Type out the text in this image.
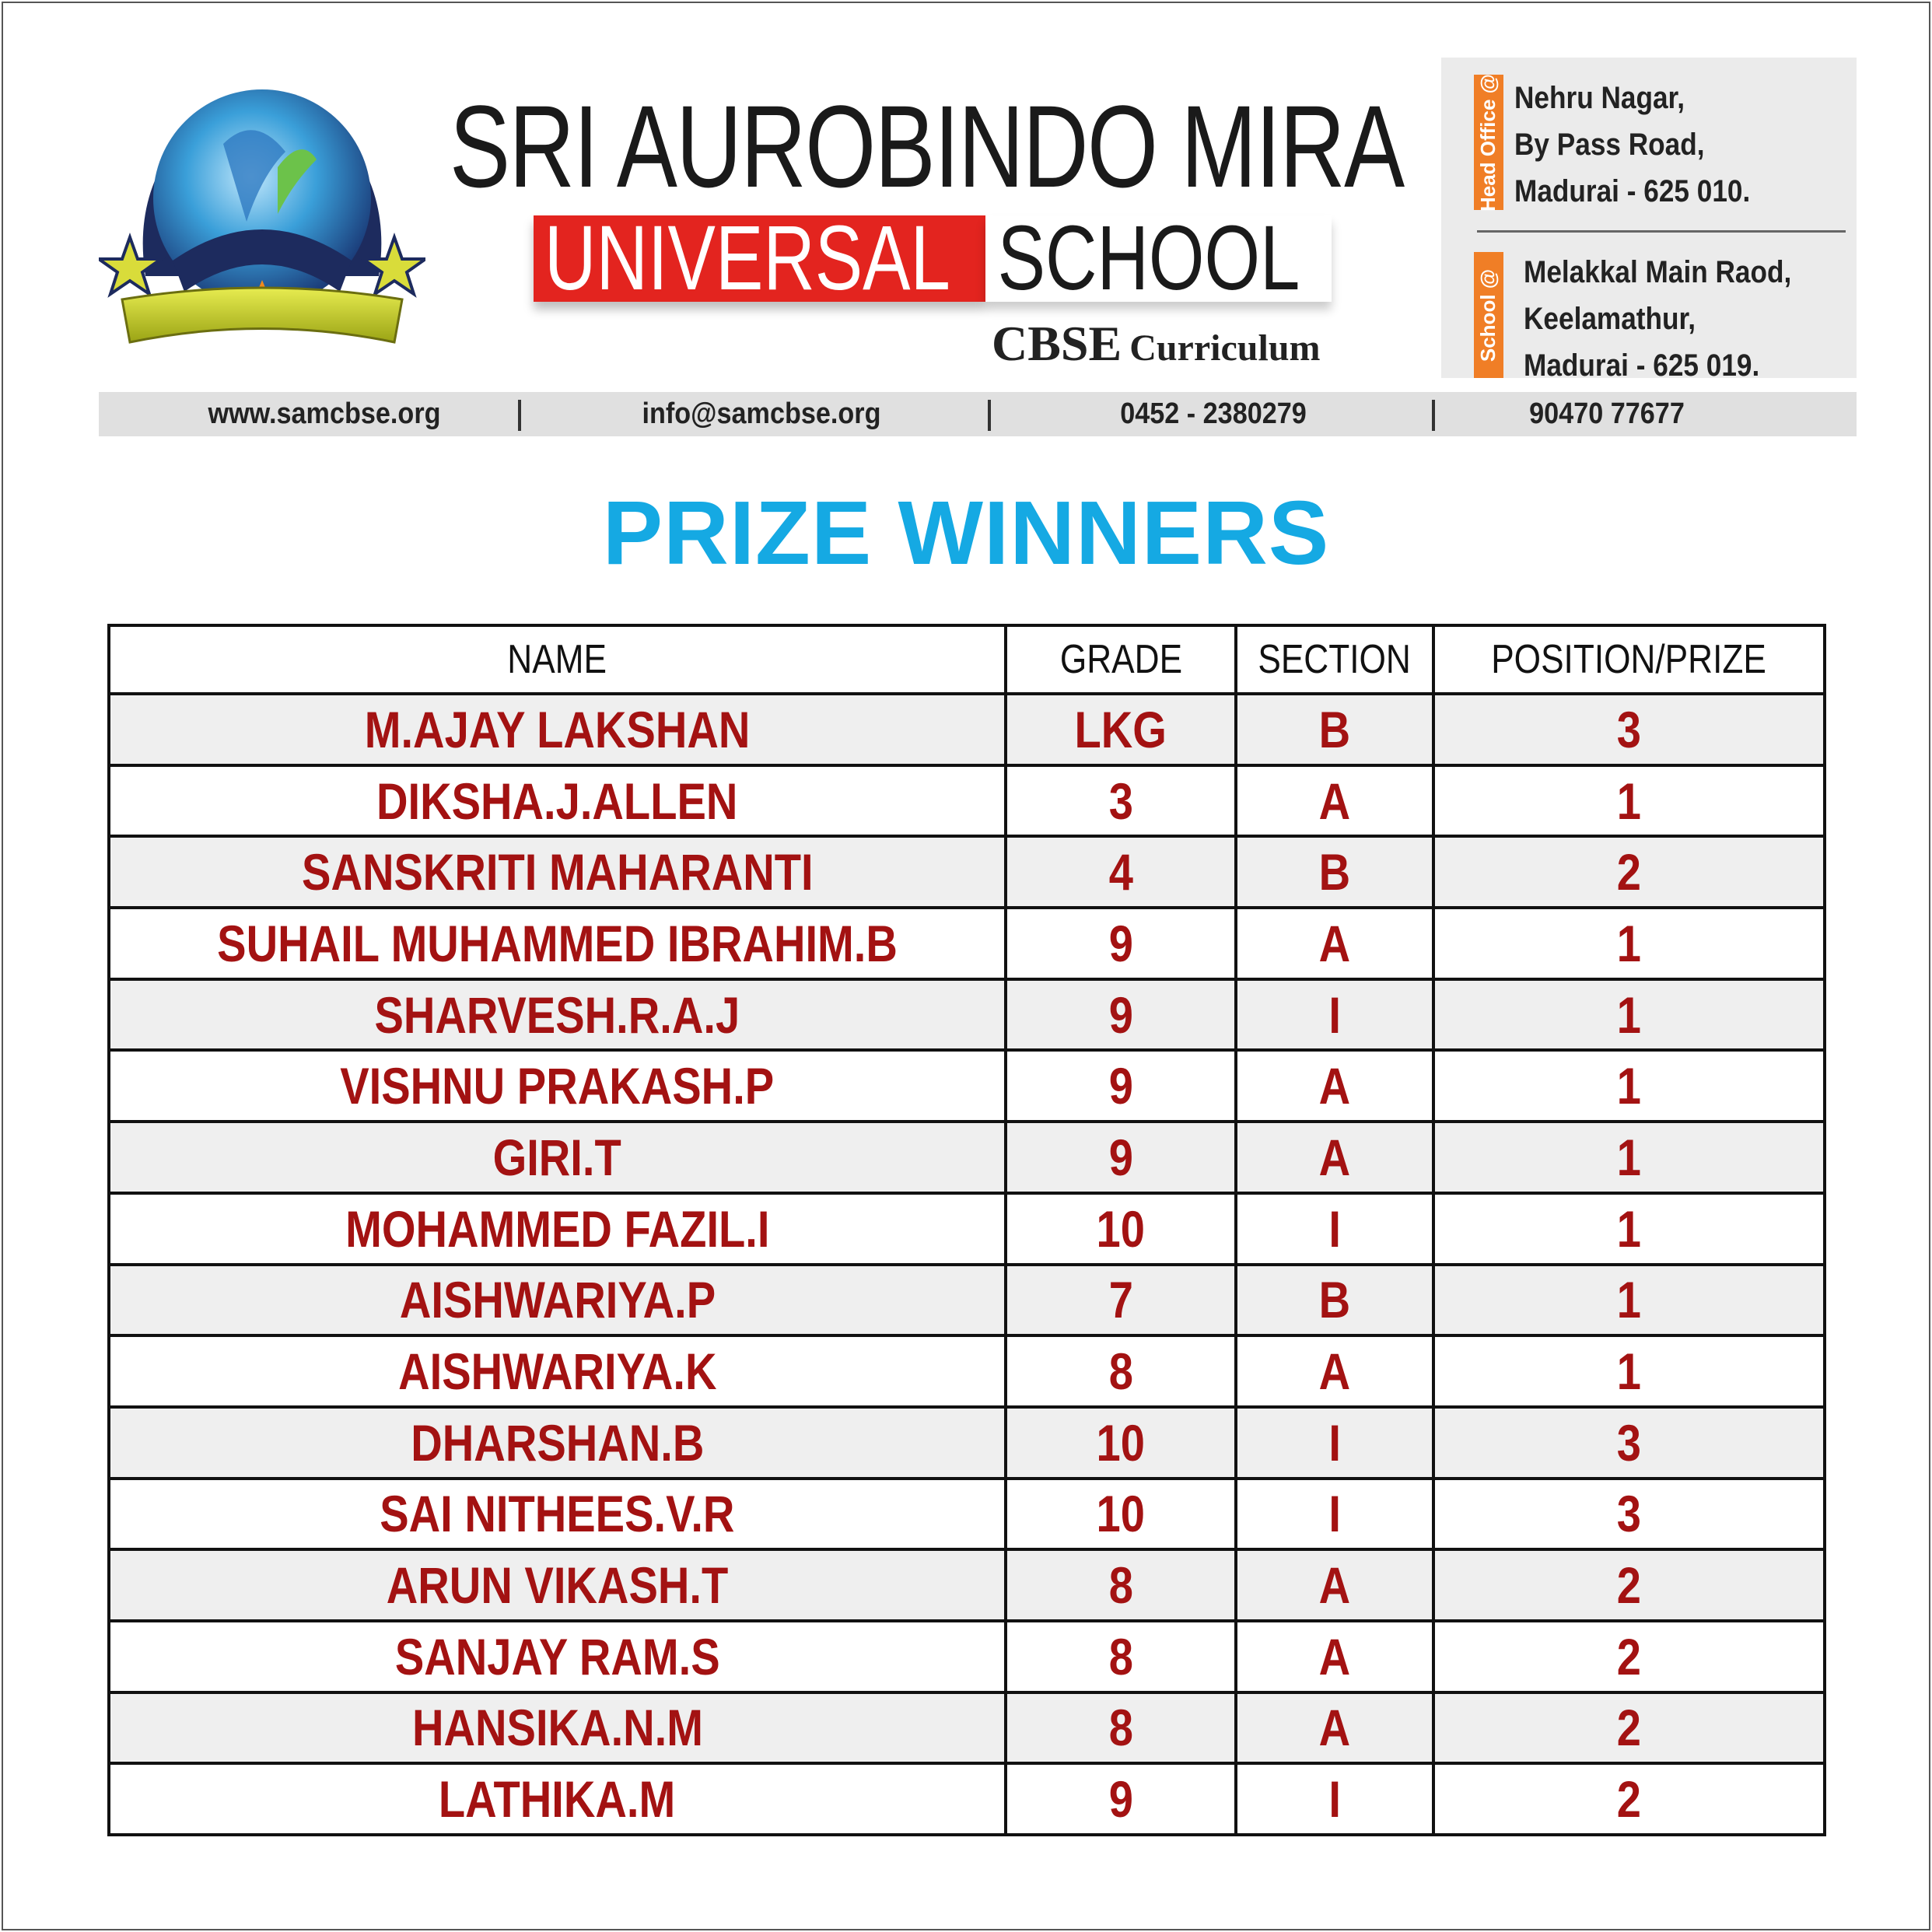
SRI AUROBINDO MIRA
UNIVERSAL SCHOOL
CBSE Curriculum
Head Office @ Nehru Nagar,
By Pass Road,
Madurai - 625 010.
School @ Melakkal Main Raod,
Keelamathur,
Madurai - 625 019.
www.samcbse.org	info@samcbse.org	0452 - 2380279	90470 77677
PRIZE WINNERS
NAME	GRADE	SECTION	POSITION/PRIZE
M.AJAY LAKSHAN	LKG	B	3
DIKSHA.J.ALLEN	3	A	1
SANSKRITI MAHARANTI	4	B	2
SUHAIL MUHAMMED IBRAHIM.B	9	A	1
SHARVESH.R.A.J	9	I	1
VISHNU PRAKASH.P	9	A	1
GIRI.T	9	A	1
MOHAMMED FAZIL.I	10	I	1
AISHWARIYA.P	7	B	1
AISHWARIYA.K	8	A	1
DHARSHAN.B	10	I	3
SAI NITHEES.V.R	10	I	3
ARUN VIKASH.T	8	A	2
SANJAY RAM.S	8	A	2
HANSIKA.N.M	8	A	2
LATHIKA.M	9	I	2
